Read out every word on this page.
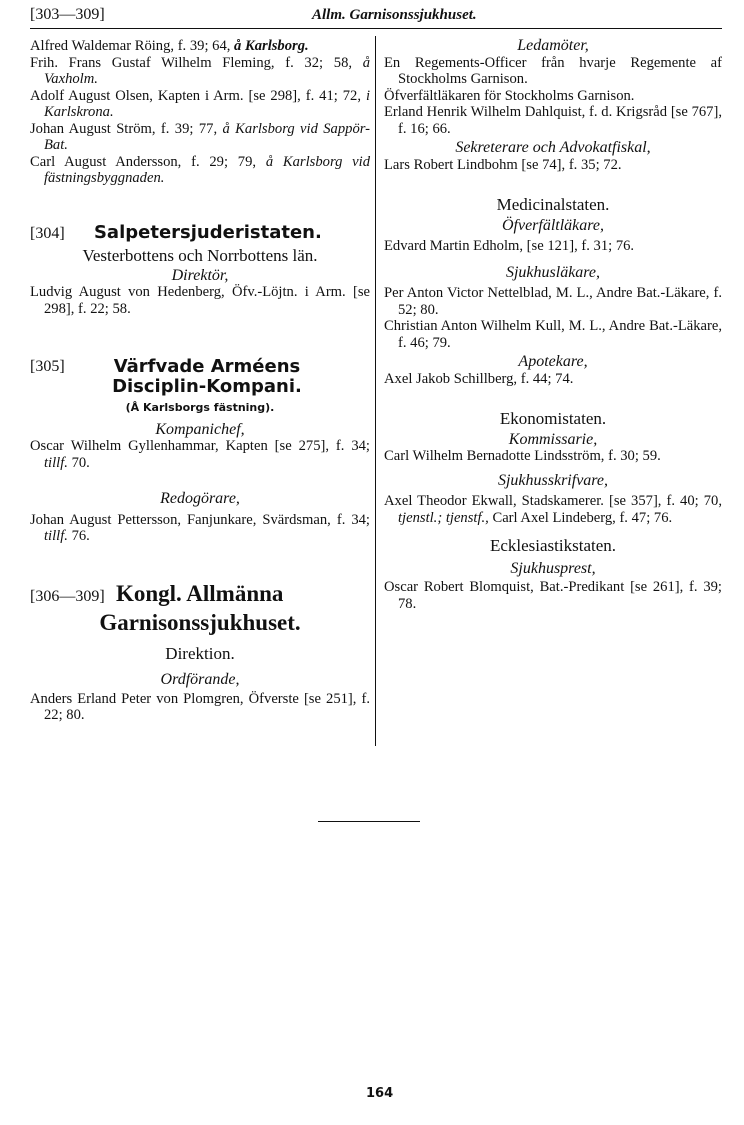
[303—309]	Allm. Garnisonssjukhuset.

Alfred Waldemar Röing, f. 39; 64, å Karlsborg.

Frih. Frans Gustaf Wilhelm Fleming, f. 32; 58, å Vaxholm.

Adolf August Olsen, Kapten i Arm. [se 298], f. 41; 72, i Karlskrona.

Johan August Ström, f. 39; 77, å Karlsborg vid Sappör-Bat.

Carl August Andersson, f. 29; 79, å Karlsborg vid fästningsbyggnaden.

[304] Salpetersjuderistaten.

Vesterbottens och Norrbottens län.

Direktör,

Ludvig August von Hedenberg, Öfv.-Löjtn. i Arm. [se 298], f. 22; 58.

[305]	Värfvade Arméens Disciplin-Kompani.

(Å Karlsborgs fästning).

Kompanichef,

Oscar Wilhelm Gyllenhammar, Kapten [se 275], f. 34; tillf. 70.

Redogörare,

Johan August Pettersson, Fanjunkare, Svärdsman, f. 34; tillf. 76.

[306—309] Kongl. Allmänna

Garnisonssjukhuset.

Direktion.

Ordförande,

Anders Erland Peter von Plomgren, Öfverste [se 251], f. 22; 80.

Ledamöter,

En Regements-Officer från hvarje Regemente af Stockholms Garnison.

Öfverfältläkaren för Stockholms Garnison.

Erland Henrik Wilhelm Dahlquist, f. d. Krigsråd [se 767], f. 16; 66.

Sekreterare och Advokatfiskal,

Lars Robert Lindbohm [se 74], f. 35; 72.

Medicinalstaten.

Öfverfältläkare,

Edvard Martin Edholm, [se 121], f. 31; 76.

Sjukhusläkare,

Per Anton Victor Nettelblad, M. L., Andre Bat.-Läkare, f. 52; 80.

Christian Anton Wilhelm Kull, M. L., Andre Bat.-Läkare, f. 46; 79.

Apotekare,

Axel Jakob Schillberg, f. 44; 74.

Ekonomistaten.

Kommissarie,

Carl Wilhelm Bernadotte Lindsström, f. 30; 59.

Sjukhusskrifvare,

Axel Theodor Ekwall, Stadskamerer. [se 357], f. 40; 70, tjenstl.; tjenstf., Carl Axel Lindeberg, f. 47; 76.

Ecklesiastikstaten.

Sjukhusprest,

Oscar Robert Blomquist, Bat.-Predikant [se 261], f. 39; 78.

164
